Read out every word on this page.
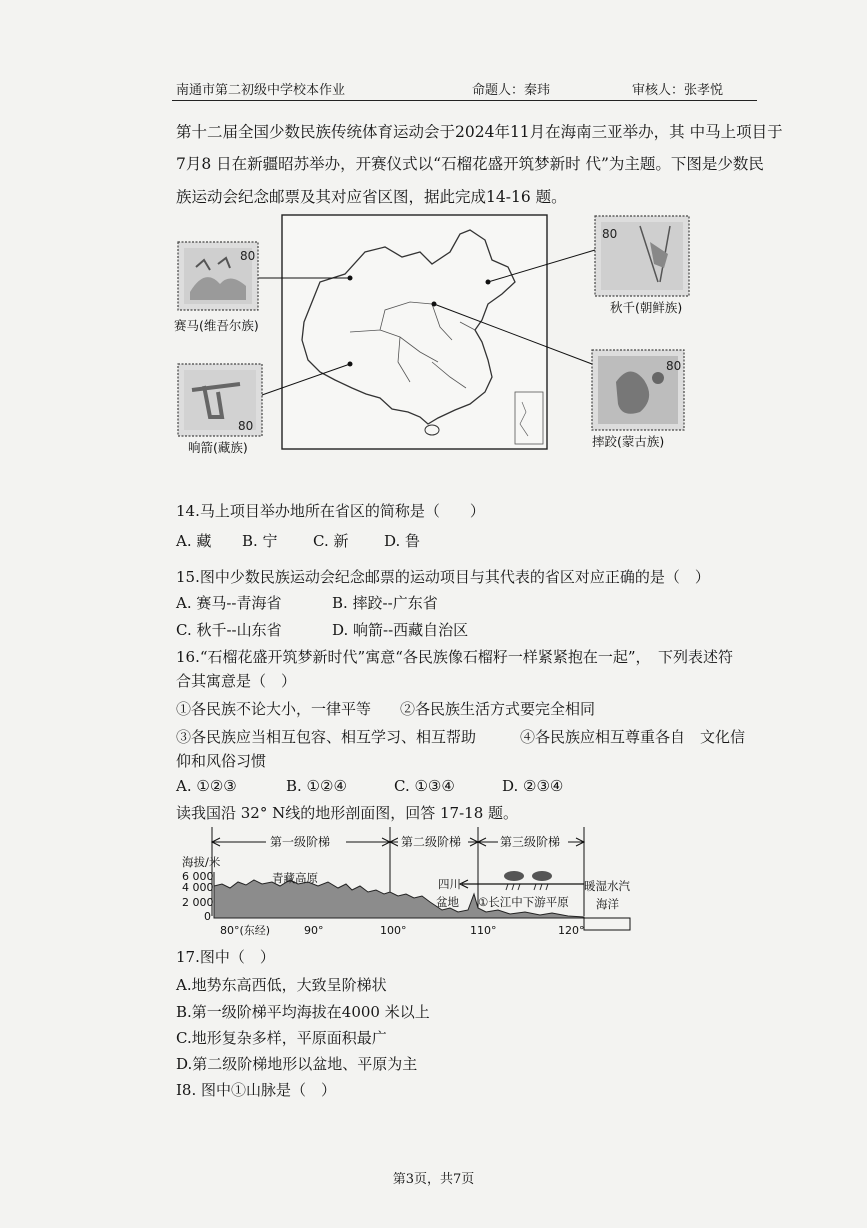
南通市第二初级中学校本作业	命题人：秦玮	审核人：张孝悦
第十二届全国少数民族传统体育运动会于2024年11月在海南三亚举办，其 中马上项目于
7月8 日在新疆昭苏举办，开赛仪式以“石榴花盛开筑梦新时 代”为主题。下图是少数民
族运动会纪念邮票及其对应省区图，据此完成14-16 题。
80
80
80
80
赛马(维吾尔族)
响箭(藏族)
秋千(朝鲜族)
摔跤(蒙古族)
14.马上项目举办地所在省区的简称是（　　）
A. 藏 B. 宁 C. 新 D. 鲁
15.图中少数民族运动会纪念邮票的运动项目与其代表的省区对应正确的是（　）
A. 赛马--青海省	B. 摔跤--广东省
C. 秋千--山东省	D. 响箭--西藏自治区
16.“石榴花盛开筑梦新时代”寓意“各民族像石榴籽一样紧紧抱在一起”，　下列表述符
合其寓意是（　）
①各民族不论大小，一律平等 ②各民族生活方式要完全相同
③各民族应当相互包容、相互学习、相互帮助	④各民族应相互尊重各自　文化信
仰和风俗习惯
A. ①②③	B. ①②④	C. ①③④	D. ②③④
读我国沿 32° N线的地形剖面图，回答 17-18 题。
第一级阶梯	第二级阶梯	第三级阶梯
海拔/米
6 000
4 000
2 000
0
青藏高原	四川
盆地 ①长江中下游平原
暖湿水汽
海洋
80°(东经)	90°	100°	110°	120°
17.图中（　）
A.地势东高西低，大致呈阶梯状
B.第一级阶梯平均海拔在4000 米以上
C.地形复杂多样，平原面积最广
D.第二级阶梯地形以盆地、平原为主
I8. 图中①山脉是（　）
第3页，共7页
